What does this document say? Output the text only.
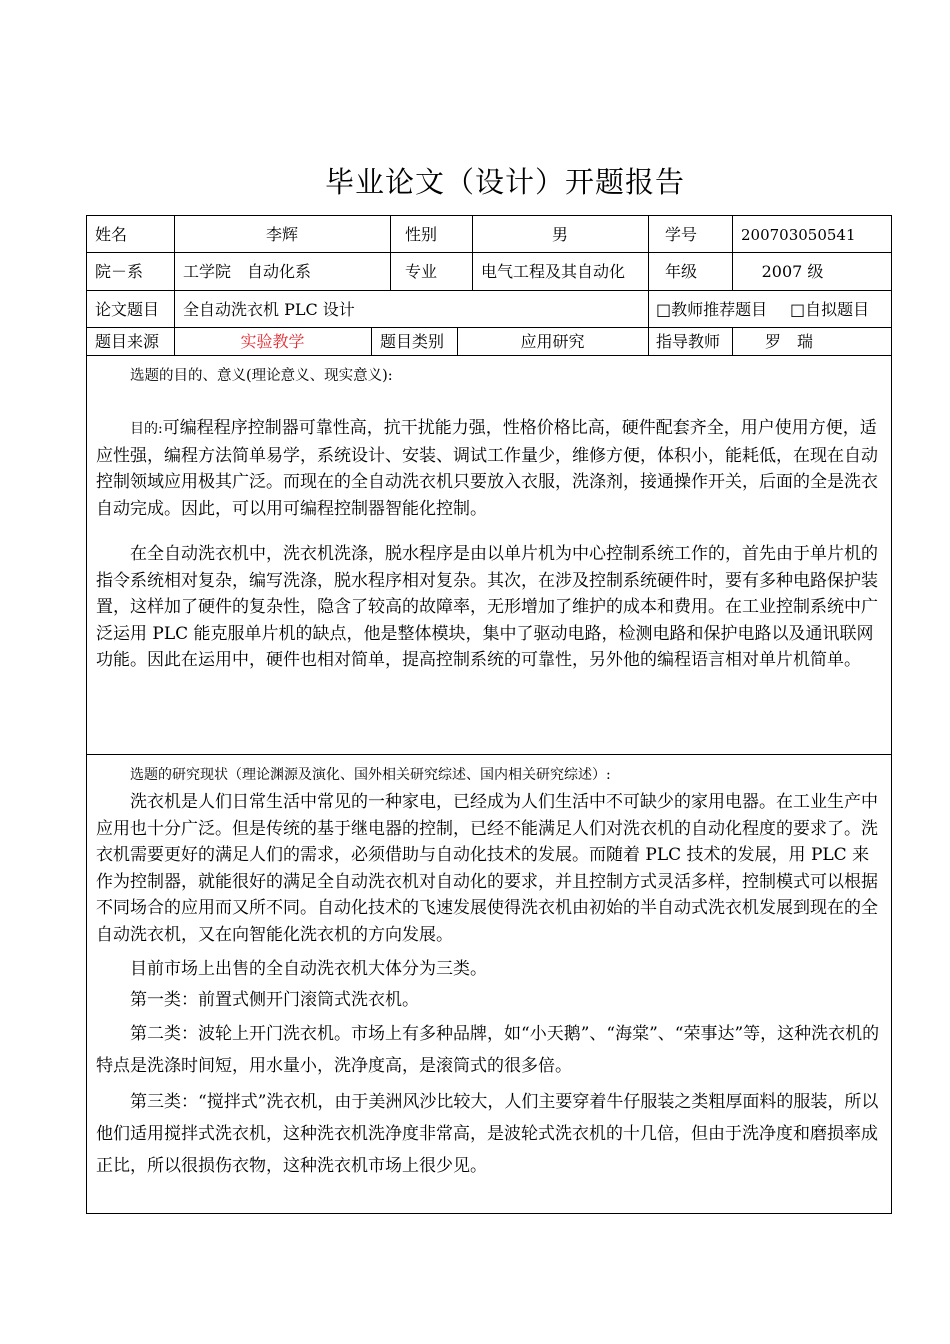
毕业论文（设计）开题报告
姓名	李辉	性别	男	学号	200703050541
院－系 工学院　自动化系	专业	电气工程及其自动化 年级	2007 级
论文题目 全自动洗衣机 PLC 设计	□教师推荐题目 □自拟题目
题目来源	实验教学	题目类别	应用研究	指导教师	罗　瑞
选题的目的、意义(理论意义、现实意义):
目的:可编程程序控制器可靠性高，抗干扰能力强，性格价格比高，硬件配套齐全，用户使用方便，适应性强，编程方法简单易学，系统设计、安装、调试工作量少，维修方便，体积小，能耗低，在现在自动控制领域应用极其广泛。而现在的全自动洗衣机只要放入衣服，洗涤剂，接通操作开关，后面的全是洗衣自动完成。因此，可以用可编程控制器智能化控制。
在全自动洗衣机中，洗衣机洗涤，脱水程序是由以单片机为中心控制系统工作的，首先由于单片机的指令系统相对复杂，编写洗涤，脱水程序相对复杂。其次，在涉及控制系统硬件时，要有多种电路保护装置，这样加了硬件的复杂性，隐含了较高的故障率，无形增加了维护的成本和费用。在工业控制系统中广泛运用 PLC 能克服单片机的缺点，他是整体模块，集中了驱动电路，检测电路和保护电路以及通讯联网功能。因此在运用中，硬件也相对简单，提高控制系统的可靠性，另外他的编程语言相对单片机简单。
选题的研究现状（理论渊源及演化、国外相关研究综述、国内相关研究综述）:
洗衣机是人们日常生活中常见的一种家电，已经成为人们生活中不可缺少的家用电器。在工业生产中应用也十分广泛。但是传统的基于继电器的控制，已经不能满足人们对洗衣机的自动化程度的要求了。洗衣机需要更好的满足人们的需求，必须借助与自动化技术的发展。而随着 PLC 技术的发展，用 PLC 来作为控制器，就能很好的满足全自动洗衣机对自动化的要求，并且控制方式灵活多样，控制模式可以根据不同场合的应用而又所不同。自动化技术的飞速发展使得洗衣机由初始的半自动式洗衣机发展到现在的全自动洗衣机，又在向智能化洗衣机的方向发展。
目前市场上出售的全自动洗衣机大体分为三类。
第一类：前置式侧开门滚筒式洗衣机。
第二类：波轮上开门洗衣机。市场上有多种品牌，如“小天鹅”、“海棠”、“荣事达”等，这种洗衣机的特点是洗涤时间短，用水量小，洗净度高，是滚筒式的很多倍。
第三类：“搅拌式”洗衣机，由于美洲风沙比较大，人们主要穿着牛仔服装之类粗厚面料的服装，所以他们适用搅拌式洗衣机，这种洗衣机洗净度非常高，是波轮式洗衣机的十几倍，但由于洗净度和磨损率成正比，所以很损伤衣物，这种洗衣机市场上很少见。
